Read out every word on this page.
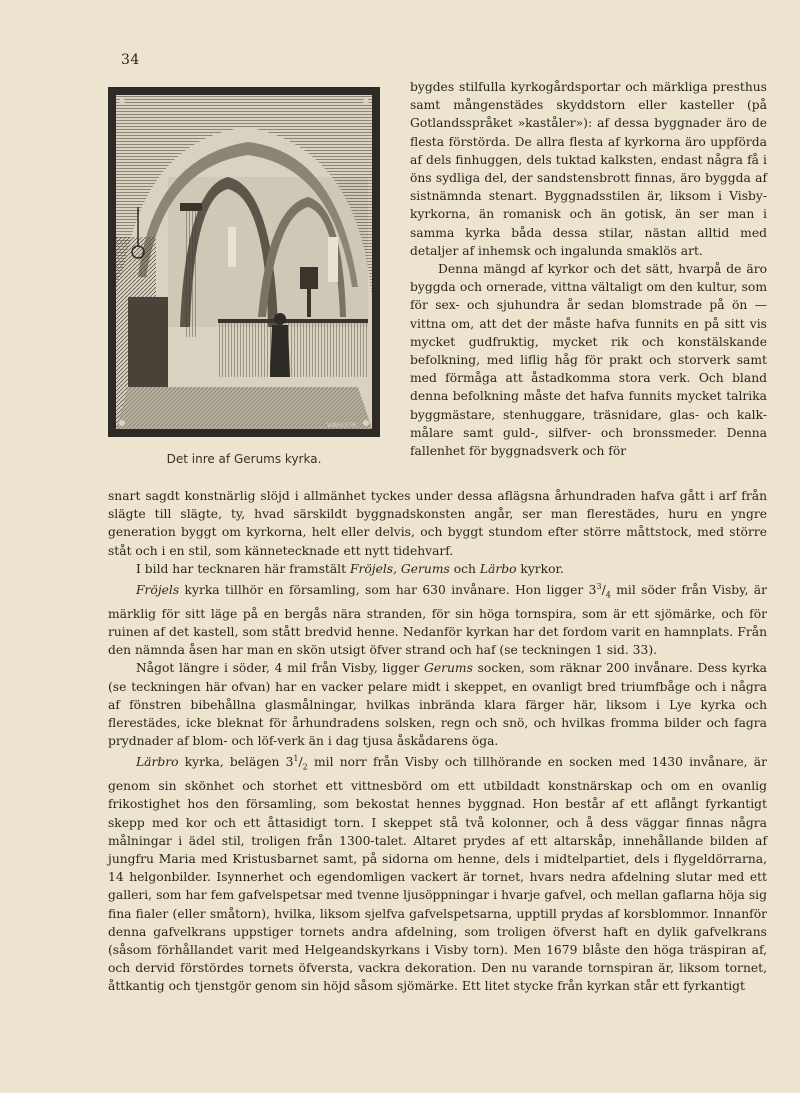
34
WAHLSTR.
Det inre af Gerums kyrka.

bygdes stilfulla kyrkogårdsportar och märkliga presthus samt mångenstädes skyddstorn eller kasteller (på Gotlandsspråket »kaståler»): af dessa byggnader äro de flesta förstörda. De allra flesta af kyrkorna äro uppförda af dels finhuggen, dels tuktad kalksten, endast några få i öns sydliga del, der sandstensbrott finnas, äro byggda af sistnämnda stenart. Byggnadsstilen är, liksom i Visby-kyrkorna, än romanisk och än gotisk, än ser man i samma kyrka båda dessa stilar, nästan alltid med detaljer af inhemsk och ingalunda smaklös art.

Denna mängd af kyrkor och det sätt, hvarpå de äro byggda och ornerade, vittna vältaligt om den kultur, som för sex- och sjuhundra år sedan blomstrade på ön — vittna om, att det der måste hafva funnits en på sitt vis mycket gudfruktig, mycket rik och konstälskande befolkning, med liflig håg för prakt och storverk samt med förmåga att åstadkomma stora verk. Och bland denna befolkning måste det hafva funnits mycket talrika byggmästare, stenhuggare, träsnidare, glas- och kalk-målare samt guld-, silfver- och bronssmeder. Denna fallenhet för byggnadsverk och för

snart sagdt konstnärlig slöjd i allmänhet tyckes under dessa aflägsna århundraden hafva gått i arf från slägte till slägte, ty, hvad särskildt byggnadskonsten angår, ser man flerestädes, huru en yngre generation byggt om kyrkorna, helt eller delvis, och byggt stundom efter större måttstock, med större ståt och i en stil, som kännetecknade ett nytt tidehvarf.

I bild har tecknaren här framstält Fröjels, Gerums och Lärbo kyrkor.

Fröjels kyrka tillhör en församling, som har 630 invånare. Hon ligger $3^3/_4$ mil söder från Visby, är märklig för sitt läge på en bergås nära stranden, för sin höga tornspira, som är ett sjömärke, och för ruinen af det kastell, som stått bredvid henne. Nedanför kyrkan har det fordom varit en hamnplats. Från den nämnda åsen har man en skön utsigt öfver strand och haf (se teckningen 1 sid. 33).

Något längre i söder, 4 mil från Visby, ligger Gerums socken, som räknar 200 invånare. Dess kyrka (se teckningen här ofvan) har en vacker pelare midt i skeppet, en ovanligt bred triumfbåge och i några af fönstren bibehållna glasmålningar, hvilkas inbrända klara färger här, liksom i Lye kyrka och flerestädes, icke bleknat för århundradens solsken, regn och snö, och hvilkas fromma bilder och fagra prydnader af blom- och löf-verk än i dag tjusa åskådarens öga.

Lärbro kyrka, belägen $3^1/_2$ mil norr från Visby och tillhörande en socken med 1430 invånare, är genom sin skönhet och storhet ett vittnesbörd om ett utbildadt konstnärskap och om en ovanlig frikostighet hos den församling, som bekostat hennes byggnad. Hon består af ett aflångt fyrkantigt skepp med kor och ett åttasidigt torn. I skeppet stå två kolonner, och å dess väggar finnas några målningar i ädel stil, troligen från 1300-talet. Altaret prydes af ett altarskåp, innehållande bilden af jungfru Maria med Kristusbarnet samt, på sidorna om henne, dels i midtelpartiet, dels i flygeldörrarna, 14 helgonbilder. Isynnerhet och egendomligen vackert är tornet, hvars nedra afdelning slutar med ett galleri, som har fem gafvelspetsar med tvenne ljusöppningar i hvarje gafvel, och mellan gaflarna höja sig fina fialer (eller småtorn), hvilka, liksom sjelfva gafvelspetsarna, upptill prydas af korsblommor. Innanför denna gafvelkrans uppstiger tornets andra afdelning, som troligen öfverst haft en dylik gafvelkrans (såsom förhållandet varit med Helgeandskyrkans i Visby torn). Men 1679 blåste den höga träspiran af, och dervid förstördes tornets öfversta, vackra dekoration. Den nu varande tornspiran är, liksom tornet, åttkantig och tjenstgör genom sin höjd såsom sjömärke. Ett litet stycke från kyrkan står ett fyrkantigt
